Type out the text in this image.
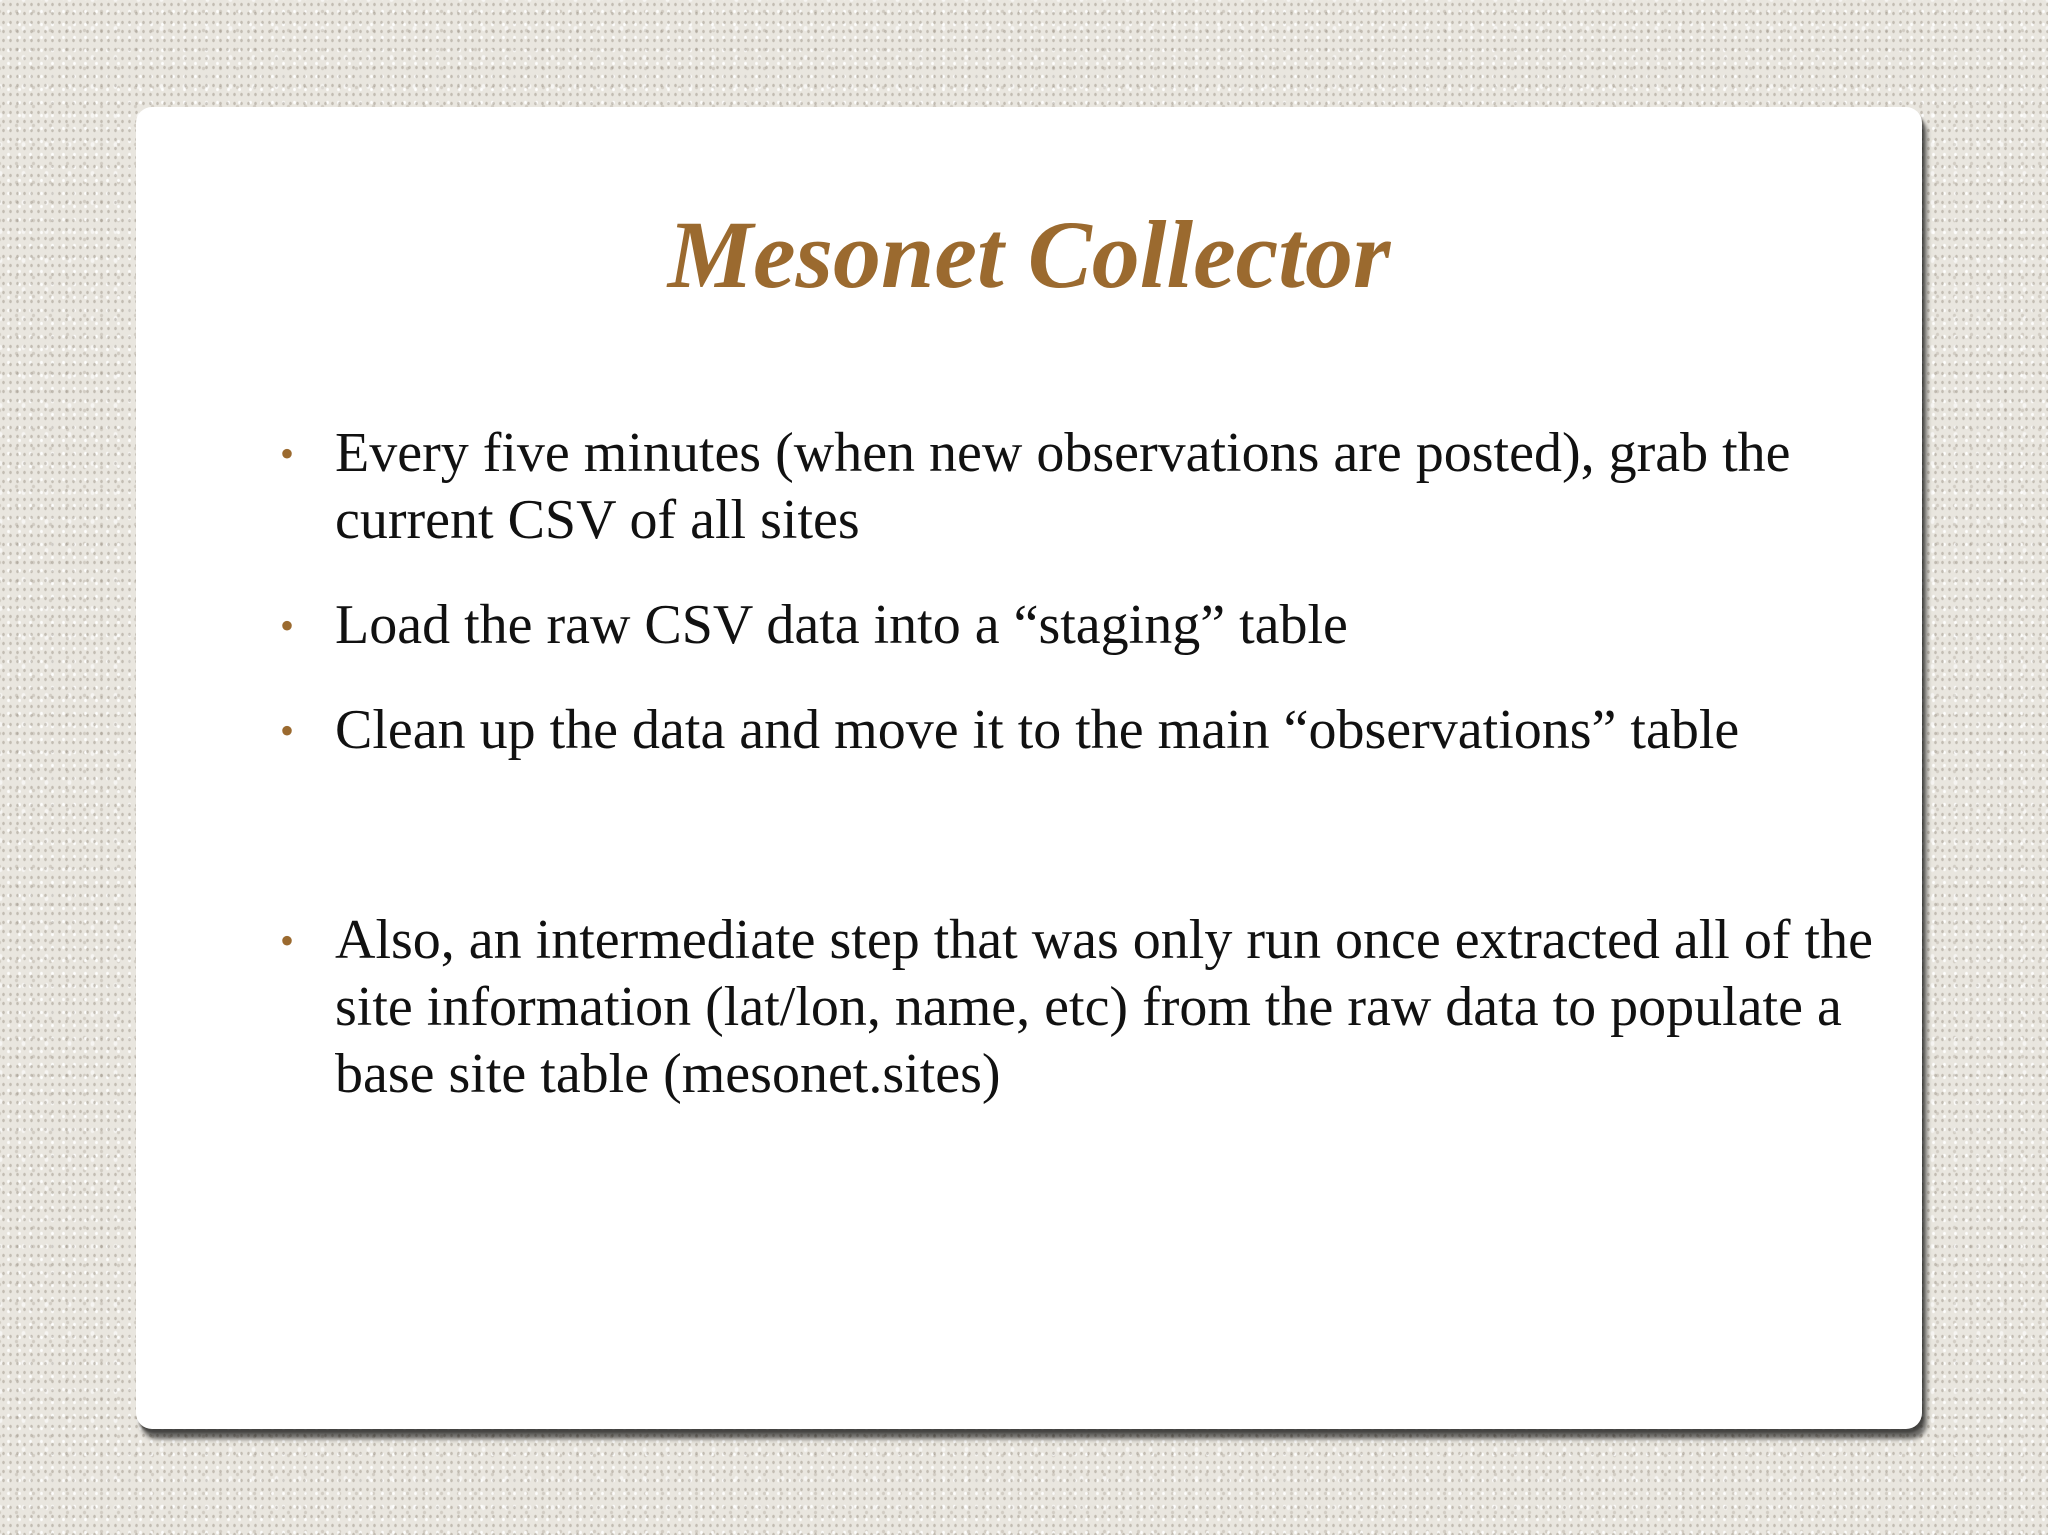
Mesonet Collector
• Every five minutes (when new observations are posted), grab the current CSV of all sites
• Load the raw CSV data into a “staging” table
• Clean up the data and move it to the main “observations” table
• Also, an intermediate step that was only run once extracted all of the site information (lat/lon, name, etc) from the raw data to populate a base site table (mesonet.sites)
